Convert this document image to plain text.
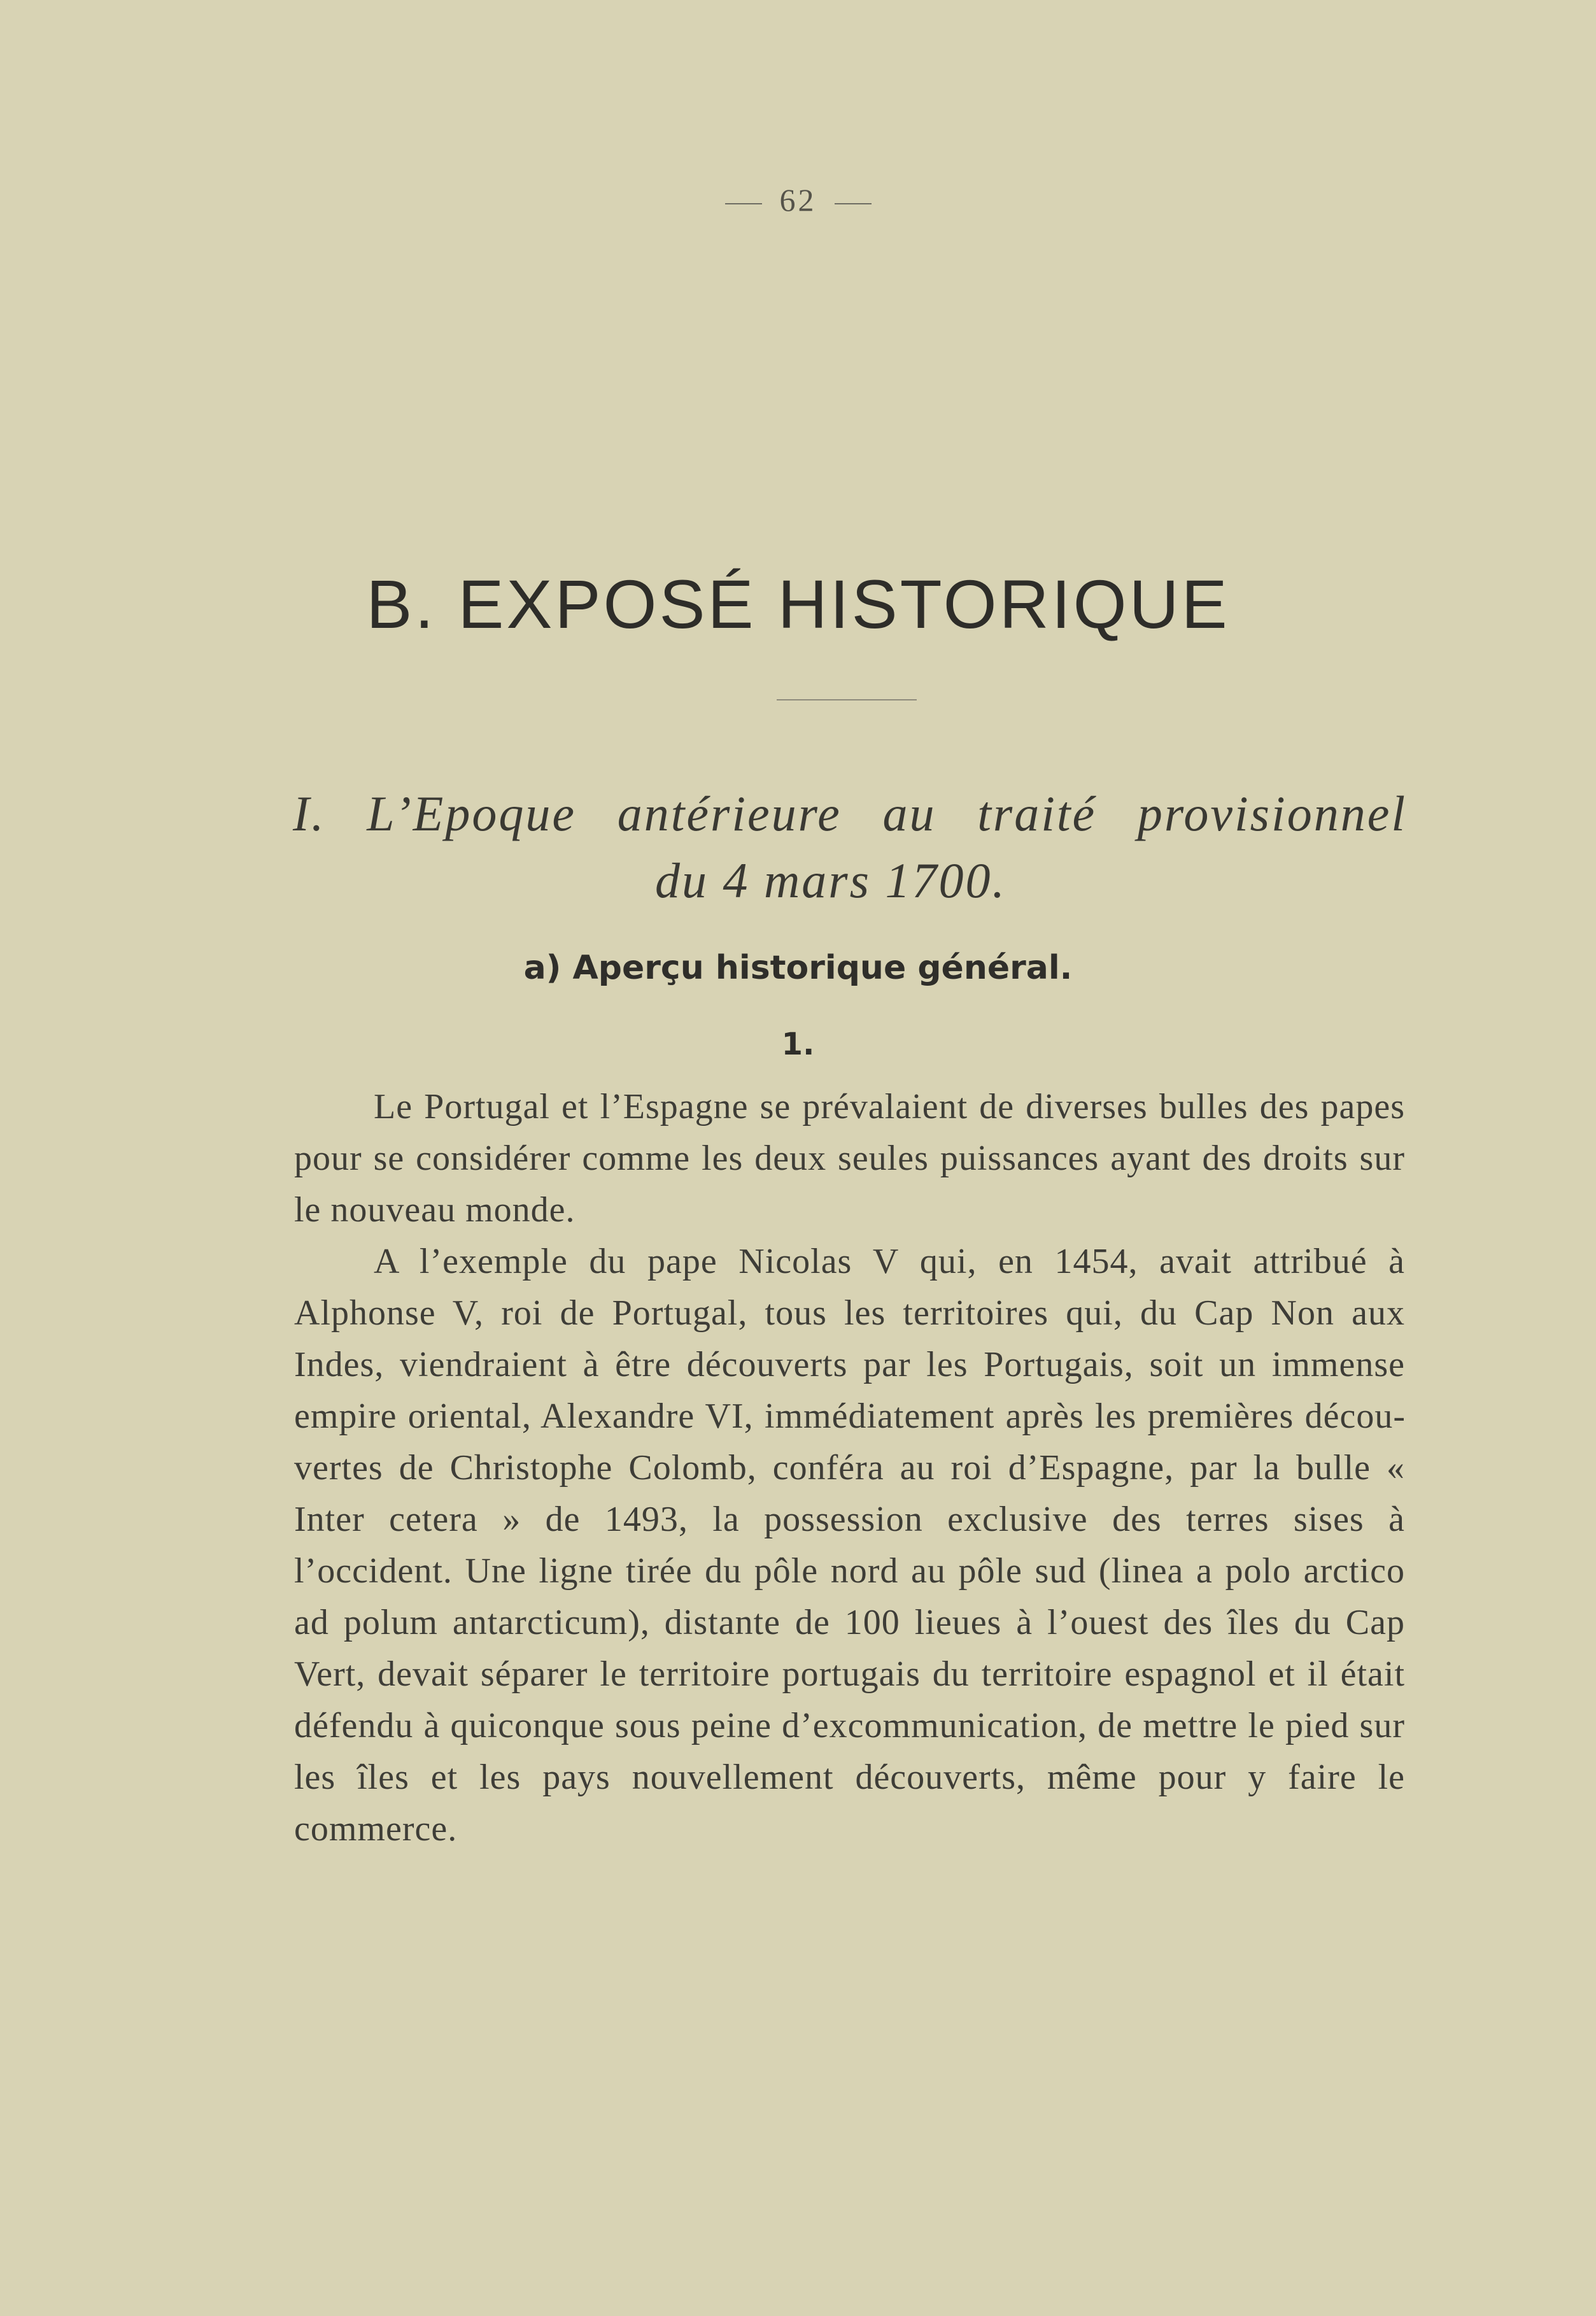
62
B. EXPOSÉ HISTORIQUE
I. L’Epoque antérieure au traité provisionnel
du 4 mars 1700.
a) Aperçu historique général.
1.

Le Portugal et l’Espagne se prévalaient de diverses bulles des papes pour se considérer comme les deux seules puissances ayant des droits sur le nouveau monde.

A l’exemple du pape Nicolas V qui, en 1454, avait attribué à Alphonse V, roi de Portugal, tous les territoires qui, du Cap Non aux Indes, viendraient à être découverts par les Portugais, soit un immense empire oriental, Alexandre VI, immédiatement après les premières découvertes de Christophe Colomb, conféra au roi d’Espagne, par la bulle « Inter cetera » de 1493, la possession exclusive des terres sises à l’occident. Une ligne tirée du pôle nord au pôle sud (linea a polo arctico ad polum antarcticum), distante de 100 lieues à l’ouest des îles du Cap Vert, devait séparer le territoire portugais du territoire espagnol et il était défendu à quiconque sous peine d’excommunication, de mettre le pied sur les îles et les pays nouvellement découverts, même pour y faire le commerce.
